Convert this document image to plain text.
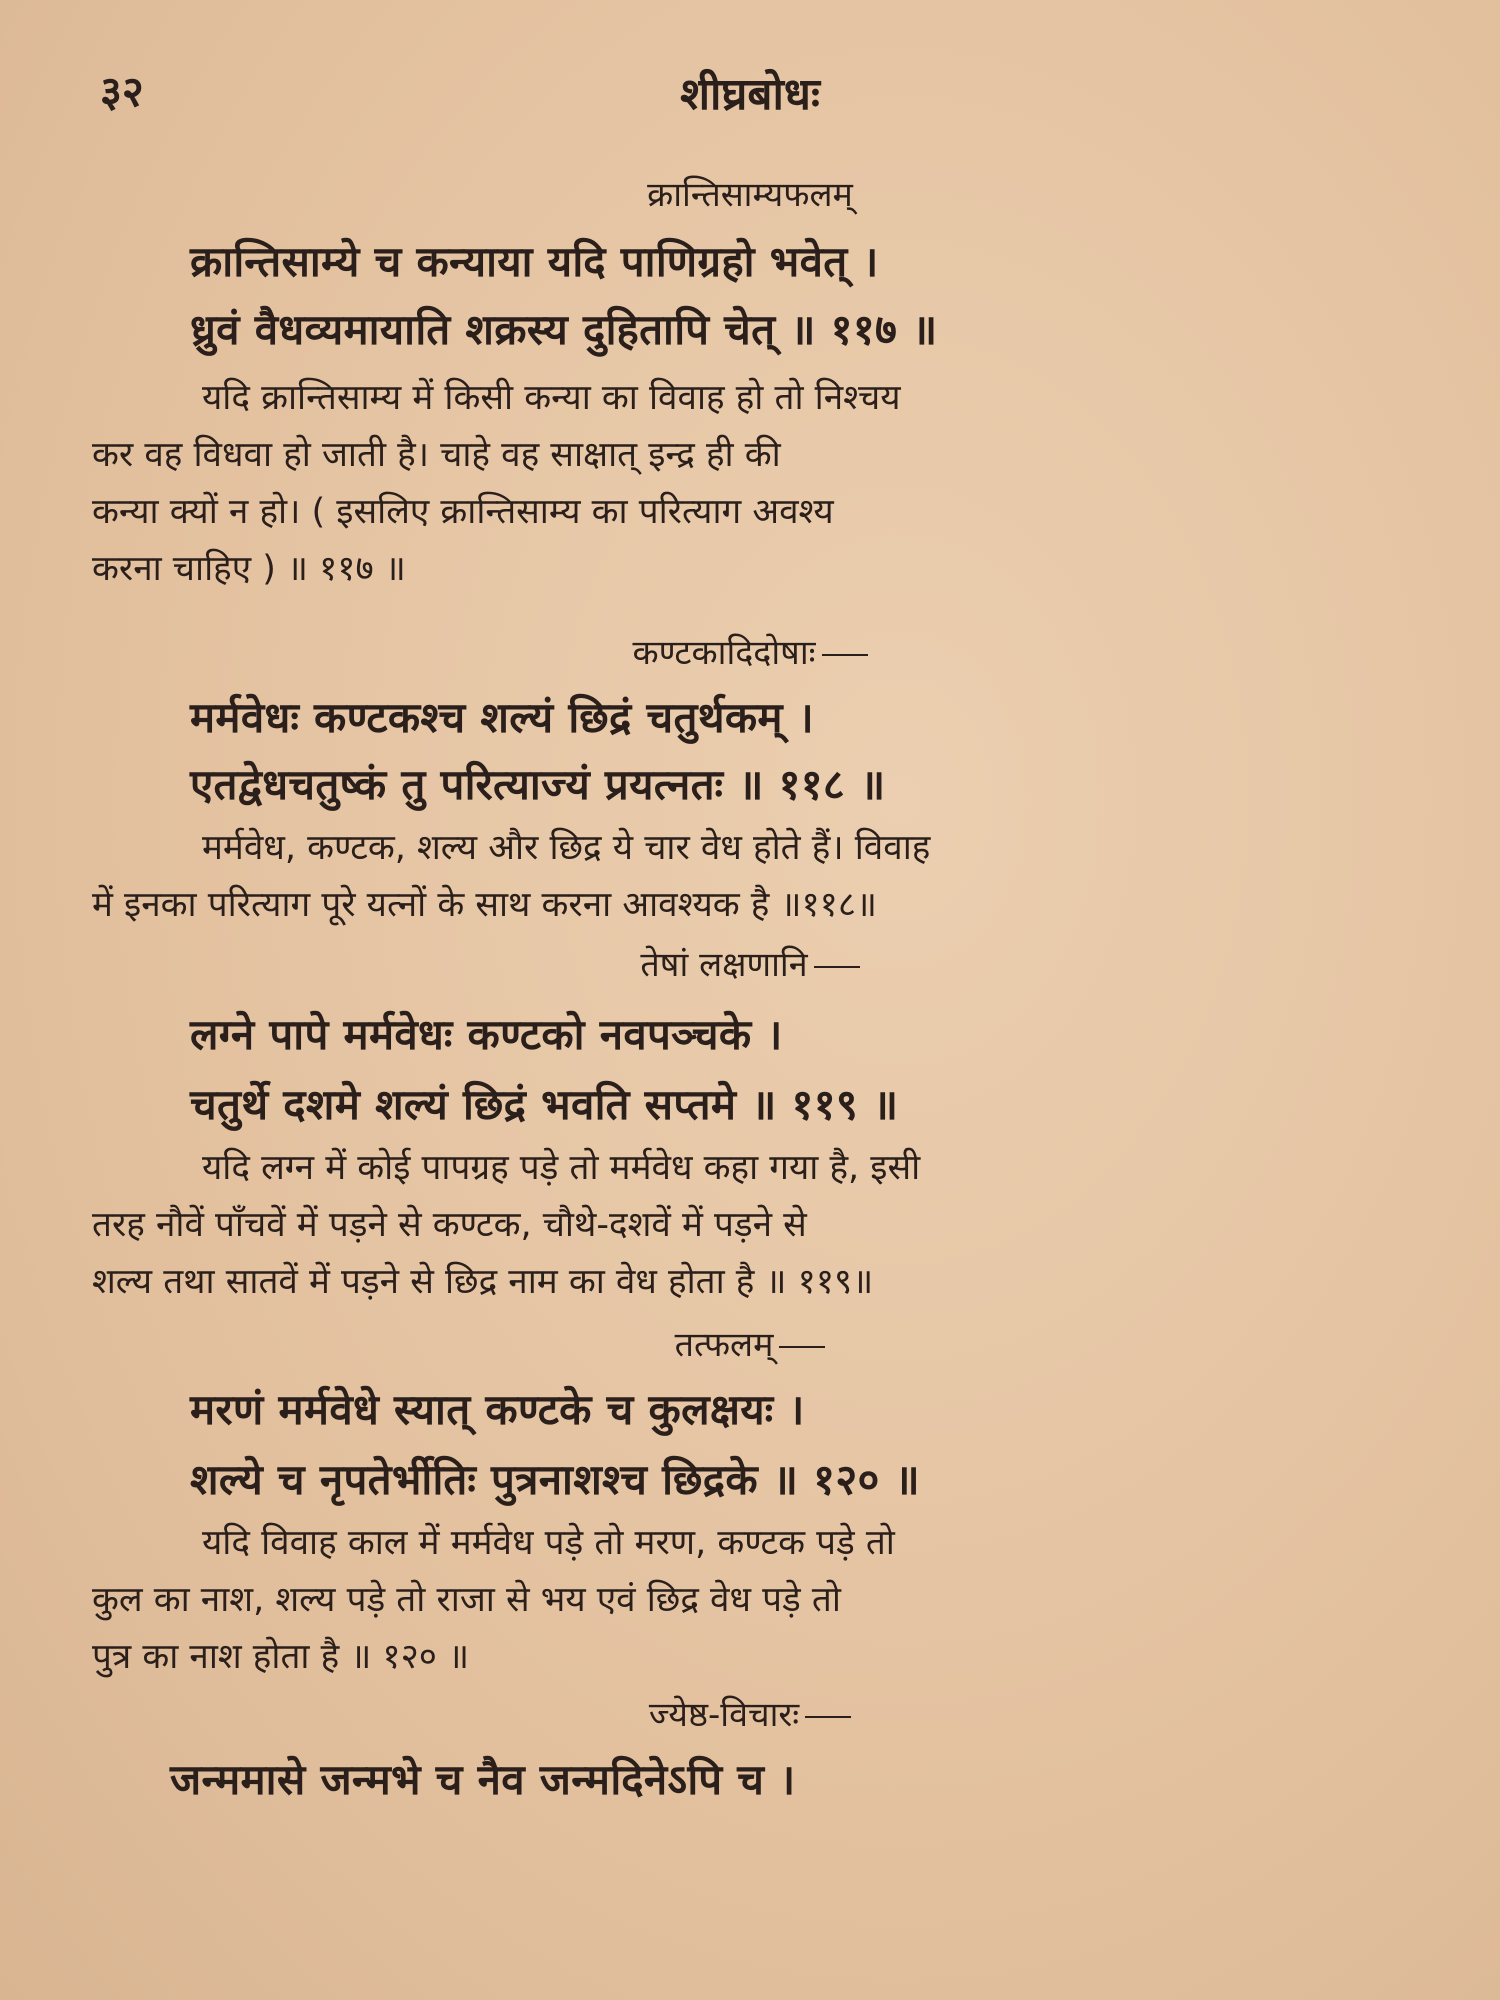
३२	शीघ्रबोधः
क्रान्तिसाम्यफलम्
क्रान्तिसाम्ये च कन्याया यदि पाणिग्रहो भवेत् ।
ध्रुवं वैधव्यमायाति शक्रस्य दुहितापि चेत् ॥ ११७ ॥
यदि क्रान्तिसाम्य में किसी कन्या का विवाह हो तो निश्चय
कर वह विधवा हो जाती है। चाहे वह साक्षात् इन्द्र ही की
कन्या क्यों न हो। ( इसलिए क्रान्तिसाम्य का परित्याग अवश्य
करना चाहिए ) ॥ ११७ ॥
कण्टकादिदोषाः
मर्मवेधः कण्टकश्च शल्यं छिद्रं चतुर्थकम् ।
एतद्वेधचतुष्कं तु परित्याज्यं प्रयत्नतः ॥ ११८ ॥
मर्मवेध, कण्टक, शल्य और छिद्र ये चार वेध होते हैं। विवाह
में इनका परित्याग पूरे यत्नों के साथ करना आवश्यक है ॥११८॥
तेषां लक्षणानि
लग्ने पापे मर्मवेधः कण्टको नवपञ्चके ।
चतुर्थे दशमे शल्यं छिद्रं भवति सप्तमे ॥ ११९ ॥
यदि लग्न में कोई पापग्रह पड़े तो मर्मवेध कहा गया है, इसी
तरह नौवें पाँचवें में पड़ने से कण्टक, चौथे-दशवें में पड़ने से
शल्य तथा सातवें में पड़ने से छिद्र नाम का वेध होता है ॥ ११९॥
तत्फलम्
मरणं मर्मवेधे स्यात् कण्टके च कुलक्षयः ।
शल्ये च नृपतेर्भीतिः पुत्रनाशश्च छिद्रके ॥ १२० ॥
यदि विवाह काल में मर्मवेध पड़े तो मरण, कण्टक पड़े तो
कुल का नाश, शल्य पड़े तो राजा से भय एवं छिद्र वेध पड़े तो
पुत्र का नाश होता है ॥ १२० ॥
ज्येष्ठ-विचारः
जन्ममासे जन्मभे च नैव जन्मदिनेऽपि च ।
